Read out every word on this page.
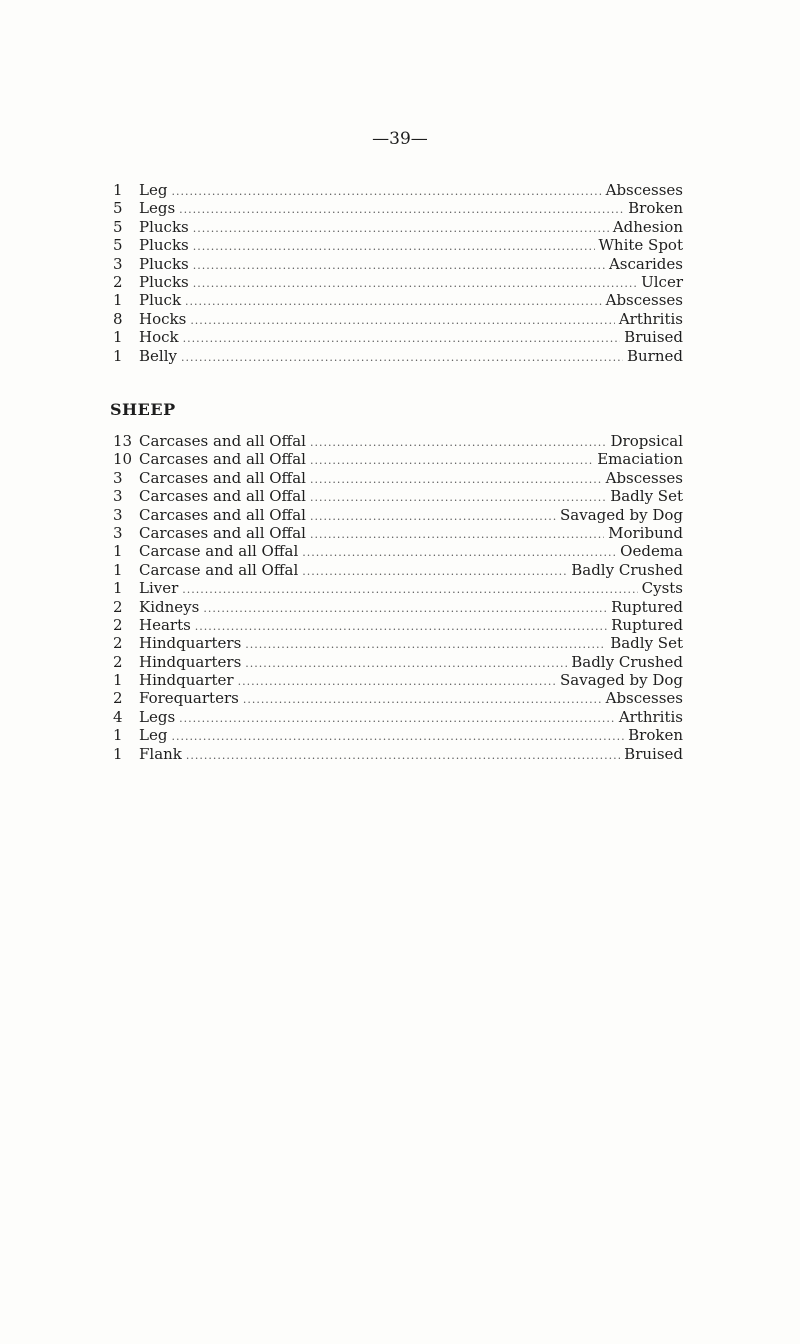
—39—
1	Leg .....	Abscesses
5	Legs .....	Broken
5	Plucks .....	Adhesion
5	Plucks .....	White Spot
3	Plucks .....	Ascarides
2	Plucks .....	Ulcer
1	Pluck .....	Abscesses
8	Hocks .....	Arthritis
1	Hock .....	Bruised
1	Belly .....	Burned
SHEEP
13 Carcases and all Offal .....	Dropsical
10 Carcases and all Offal .....	Emaciation
3	Carcases and all Offal .....	Abscesses
3	Carcases and all Offal .....	Badly Set
3	Carcases and all Offal .....	Savaged by Dog
3	Carcases and all Offal .....	Moribund
1	Carcase and all Offal .....	Oedema
1	Carcase and all Offal .....	Badly Crushed
1	Liver .....	Cysts
2	Kidneys .....	Ruptured
2	Hearts .....	Ruptured
2	Hindquarters .....	Badly Set
2	Hindquarters .....	Badly Crushed
1	Hindquarter .....	Savaged by Dog
2	Forequarters .....	Abscesses
4	Legs .....	Arthritis
1	Leg .....	Broken
1	Flank .....	Bruised
